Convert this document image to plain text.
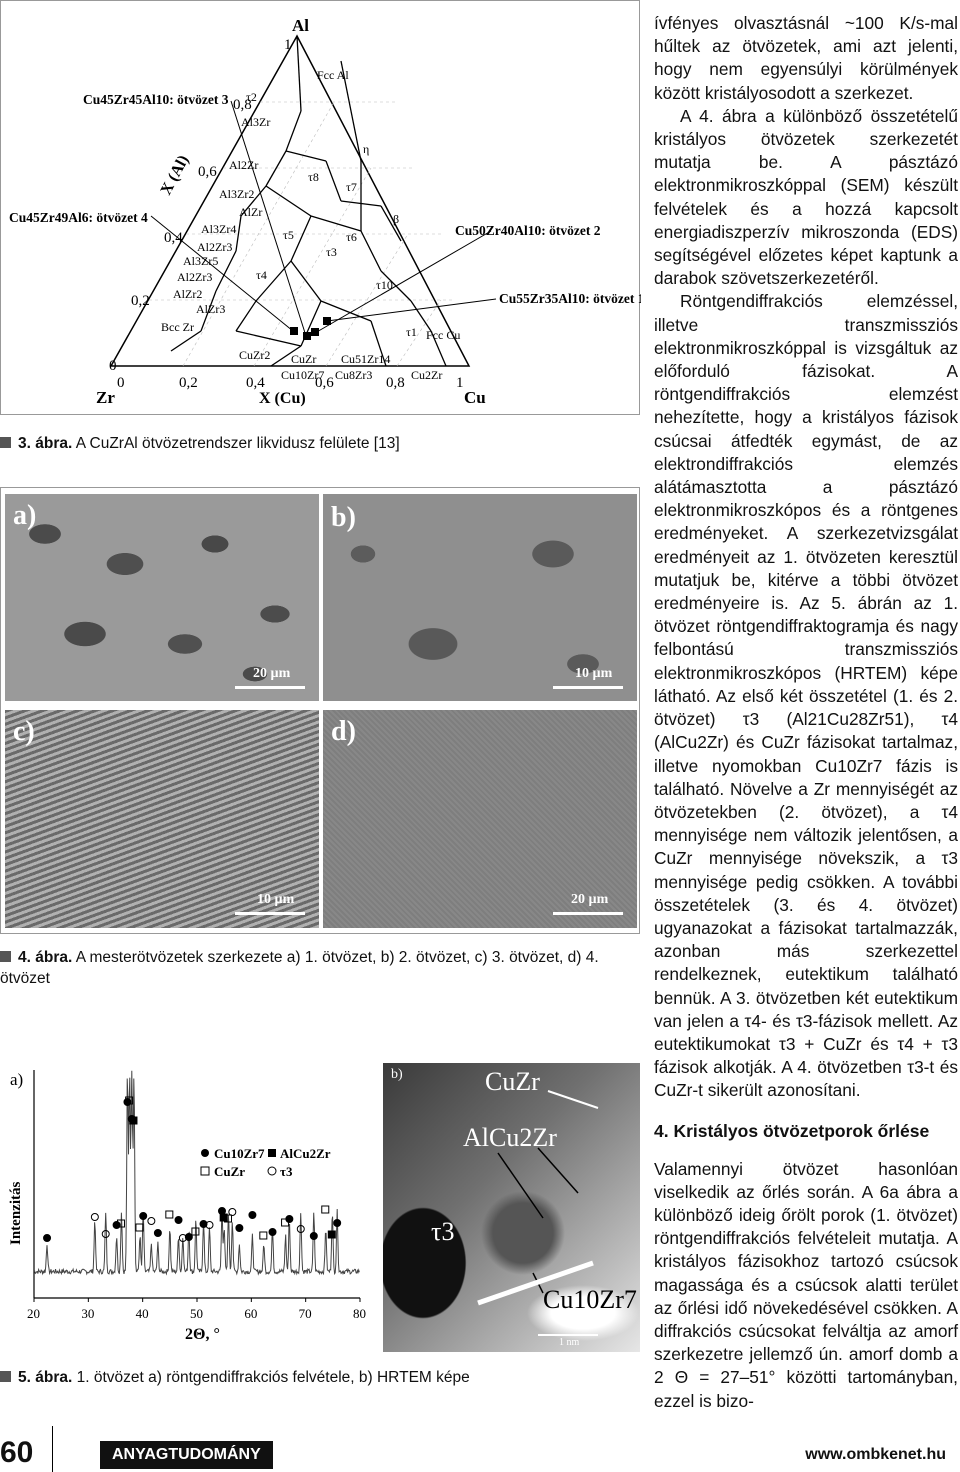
Al
Zr	Cu
X (Al)
X (Cu)
1
0,8
0,6
0,4
0,2
0
0	0,2	0,4	0,6	0,8	1
Cu45Zr45Al10: ötvözet 3
Cu45Zr49Al6: ötvözet 4
Cu50Zr40Al10: ötvözet 2
Cu55Zr35Al10: ötvözet 1
Fcc Al
Al3Zr
Al2Zr
Al3Zr2
AlZr
Al3Zr4
Al2Zr3
Al3Zr5
Al2Zr3
AlZr2
AlZr3
Bcc Zr
CuZr2
Cu10Zr7 Cu8Zr3	Cu2Zr
Fcc Cu
CuZr Cu51Zr14
τ1
τ2
τ3
τ4
τ5	τ6
τ7
τ8
τ10
β
η
3. ábra. A CuZrAl ötvözetrendszer likvidusz felülete [13]
a)
20 µm
b)
10 µm
c)
10 µm
d)
20 µm
4. ábra. A mesterötvözetek szerkezete a) 1. ötvözet, b) 2. ötvözet, c) 3. ötvözet, d) 4. ötvözet
a)
Intenzitás
20	30	40	50	60	70	80
2Θ, °
Cu10Zr7 AlCu2Zr
CuZr	τ3
b)	CuZr
AlCu2Zr
τ3
Cu10Zr7
1 nm
5. ábra. 1. ötvözet a) röntgendiffrakciós felvétele, b) HRTEM képe

ívfényes olvasztásnál ~100 K/s-mal hűltek az ötvözetek, ami azt jelenti, hogy nem egyensúlyi körülmények között kristályosodott a szerkezet.

A 4. ábra a különböző összetételű kristályos ötvözetek szerkezetét mutatja be. A pásztázó elektronmikroszkóppal (SEM) készült felvételek és a hozzá kapcsolt energiadiszperzív mikroszonda (EDS) segítségével előzetes képet kaptunk a darabok szövetszerkezetéről.

Röntgendiffrakciós elemzéssel, illetve transzmissziós elektronmikroszkóppal is vizsgáltuk az előforduló fázisokat. A röntgendiffrakciós elemzést nehezítette, hogy a kristályos fázisok csúcsai átfedték egymást, de az elektrondiffrakciós elemzés alátámasztotta a pásztázó elektronmikroszkópos és a röntgenes eredményeket. A szerkezetvizsgálat eredményeit az 1. ötvözeten keresztül mutatjuk be, kitérve a többi ötvözet eredményeire is. Az 5. ábrán az 1. ötvözet röntgendiffraktogramja és nagy felbontású transzmissziós elektronmikroszkópos (HRTEM) képe látható. Az első két összetétel (1. és 2. ötvözet) τ3 (Al21Cu28Zr51), τ4 (AlCu2Zr) és CuZr fázisokat tartalmaz, illetve nyomokban Cu10Zr7 fázis is található. Növelve a Zr mennyiségét az ötvözetekben (2. ötvözet), a τ4 mennyisége nem változik jelentősen, a CuZr mennyisége növekszik, a τ3 mennyisége pedig csökken. A további összetételek (3. és 4. ötvözet) ugyanazokat a fázisokat tartalmazzák, azonban más szerkezettel rendelkeznek, eutektikum található bennük. A 3. ötvözetben két eutektikum van jelen a τ4- és τ3-fázisok mellett. Az eutektikumokat τ3 + CuZr és τ4 + τ3 fázisok alkotják. A 4. ötvözetben τ3-t és CuZr-t sikerült azonosítani.

4. Kristályos ötvözetporok őrlése

Valamennyi ötvözet hasonlóan viselkedik az őrlés során. A 6a ábra a különböző ideig őrölt porok (1. ötvözet) röntgendiffrakciós felvételeit mutatja. A kristályos fázisokhoz tartozó csúcsok magassága és a csúcsok alatti terület az őrlési idő növekedésével csökken. A diffrakciós csúcsokat felváltja az amorf szerkezetre jellemző ún. amorf domb a 2 Θ = 27–51° közötti tartományban, ezzel is bizo-

60	ANYAGTUDOMÁNY	www.ombkenet.hu
